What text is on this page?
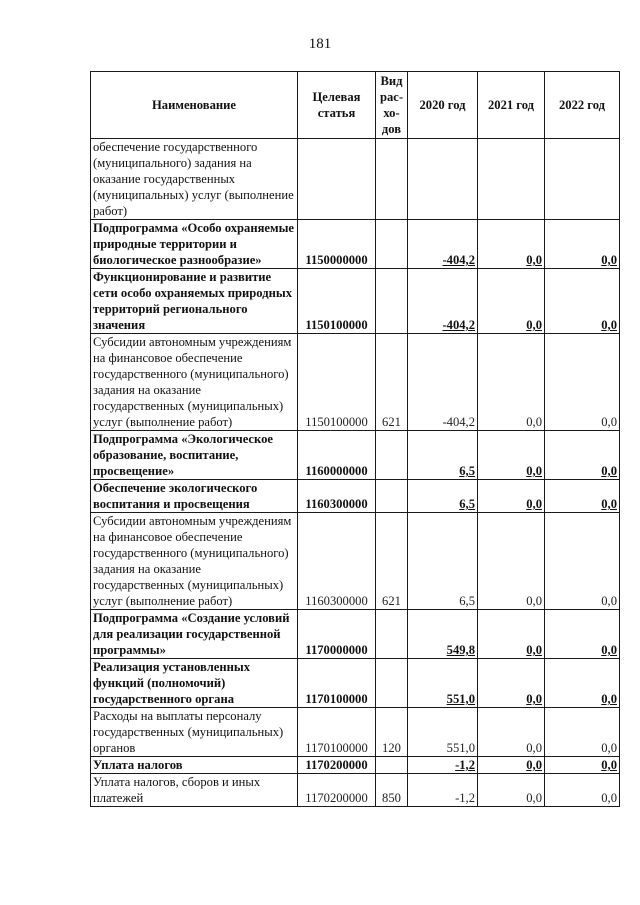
181
Наименование	Целевая статья	Вид рас-хо-дов	2020 год	2021 год	2022 год
обеспечение государственного (муниципального) задания на оказание государственных (муниципальных) услуг (выполнение работ)					
Подпрограмма «Особо охраняемые природные территории и биологическое разнообразие»	1150000000		-404,2	0,0	0,0
Функционирование и развитие сети особо охраняемых природных территорий регионального значения	1150100000		-404,2	0,0	0,0
Субсидии автономным учреждениям на финансовое обеспечение государственного (муниципального) задания на оказание государственных (муниципальных) услуг (выполнение работ)	1150100000	621	-404,2	0,0	0,0
Подпрограмма «Экологическое образование, воспитание, просвещение»	1160000000		6,5	0,0	0,0
Обеспечение экологического воспитания и просвещения	1160300000		6,5	0,0	0,0
Субсидии автономным учреждениям на финансовое обеспечение государственного (муниципального) задания на оказание государственных (муниципальных) услуг (выполнение работ)	1160300000	621	6,5	0,0	0,0
Подпрограмма «Создание условий для реализации государственной программы»	1170000000		549,8	0,0	0,0
Реализация установленных функций (полномочий) государственного органа	1170100000		551,0	0,0	0,0
Расходы на выплаты персоналу государственных (муниципальных) органов	1170100000	120	551,0	0,0	0,0
Уплата налогов	1170200000		-1,2	0,0	0,0
Уплата налогов, сборов и иных платежей	1170200000	850	-1,2	0,0	0,0
